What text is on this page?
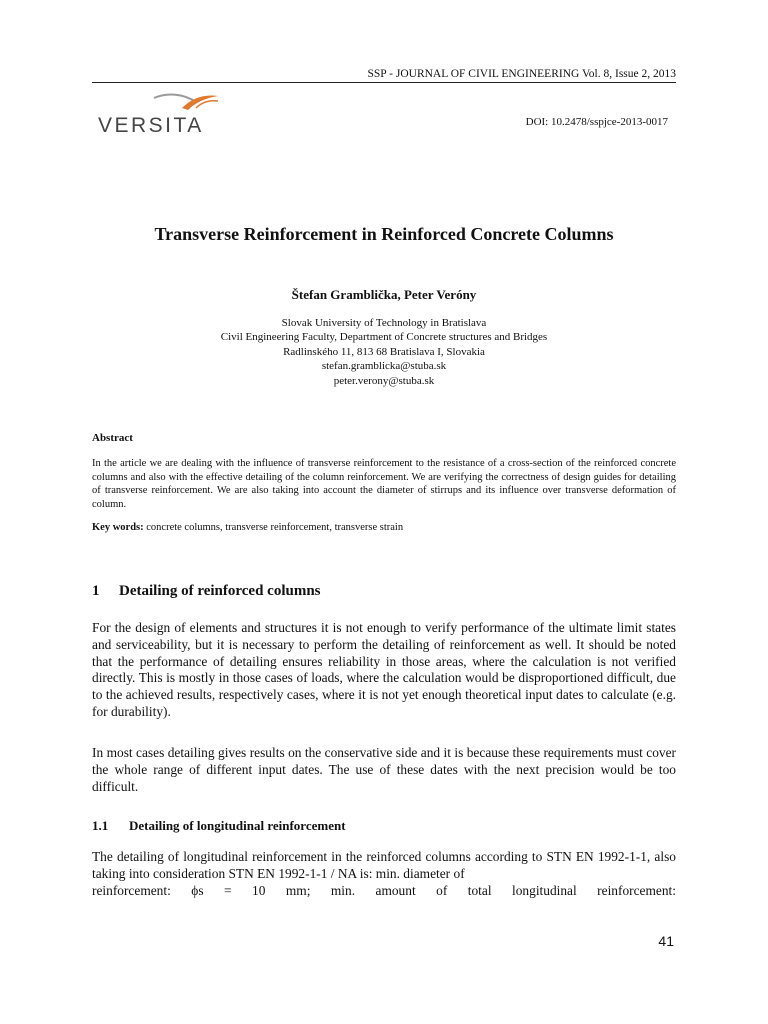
SSP - JOURNAL OF CIVIL ENGINEERING Vol. 8, Issue 2, 2013
VERSITA	DOI: 10.2478/sspjce-2013-0017
Transverse Reinforcement in Reinforced Concrete Columns
Štefan Gramblička, Peter Veróny
Slovak University of Technology in Bratislava
Civil Engineering Faculty, Department of Concrete structures and Bridges
Radlinského 11, 813 68 Bratislava I, Slovakia
stefan.gramblicka@stuba.sk
peter.verony@stuba.sk
Abstract
In the article we are dealing with the influence of transverse reinforcement to the resistance of a cross-section of the reinforced concrete columns and also with the effective detailing of the column reinforcement. We are verifying the correctness of design guides for detailing of transverse reinforcement. We are also taking into account the diameter of stirrups and its influence over transverse deformation of column.
Key words: concrete columns, transverse reinforcement, transverse strain
1 Detailing of reinforced columns
For the design of elements and structures it is not enough to verify performance of the ultimate limit states and serviceability, but it is necessary to perform the detailing of reinforcement as well. It should be noted that the performance of detailing ensures reliability in those areas, where the calculation is not verified directly. This is mostly in those cases of loads, where the calculation would be disproportioned difficult, due to the achieved results, respectively cases, where it is not yet enough theoretical input dates to calculate (e.g. for durability).
In most cases detailing gives results on the conservative side and it is because these requirements must cover the whole range of different input dates. The use of these dates with the next precision would be too difficult.
1.1 Detailing of longitudinal reinforcement
The detailing of longitudinal reinforcement in the reinforced columns according to STN EN 1992-1-1, also taking into consideration STN EN 1992-1-1 / NA is: min. diameter of
reinforcement: ϕs = 10 mm; min. amount of total longitudinal reinforcement:
41
